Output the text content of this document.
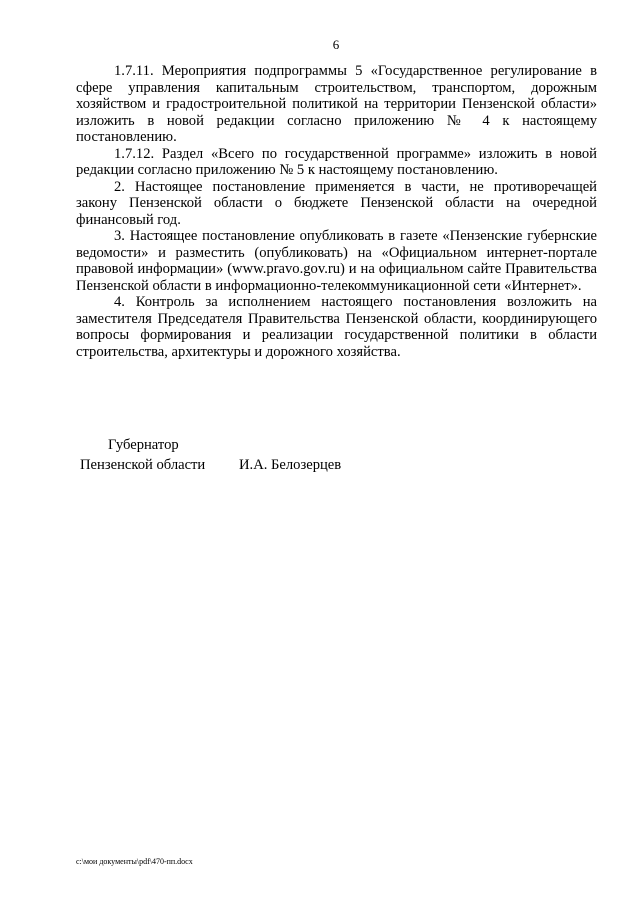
6

1.7.11. Мероприятия подпрограммы 5 «Государственное регулирование в сфере управления капитальным строительством, транспортом, дорожным хозяйством и градостроительной политикой на территории Пензенской области» изложить в новой редакции согласно приложению № 4 к настоящему постановлению.

1.7.12. Раздел «Всего по государственной программе» изложить в новой редакции согласно приложению № 5 к настоящему постановлению.

2. Настоящее постановление применяется в части, не противоречащей закону Пензенской области о бюджете Пензенской области на очередной финансовый год.

3. Настоящее постановление опубликовать в газете «Пензенские губернские ведомости» и разместить (опубликовать) на «Официальном интернет-портале правовой информации» (www.pravo.gov.ru) и на официальном сайте Правительства Пензенской области в информационно-телекоммуникационной сети «Интернет».

4. Контроль за исполнением настоящего постановления возложить на заместителя Председателя Правительства Пензенской области, координирующего вопросы формирования и реализации государственной политики в области строительства, архитектуры и дорожного хозяйства.

Губернатор
Пензенской области И.А. Белозерцев
c:\мои документы\pdf\470-пп.docx
